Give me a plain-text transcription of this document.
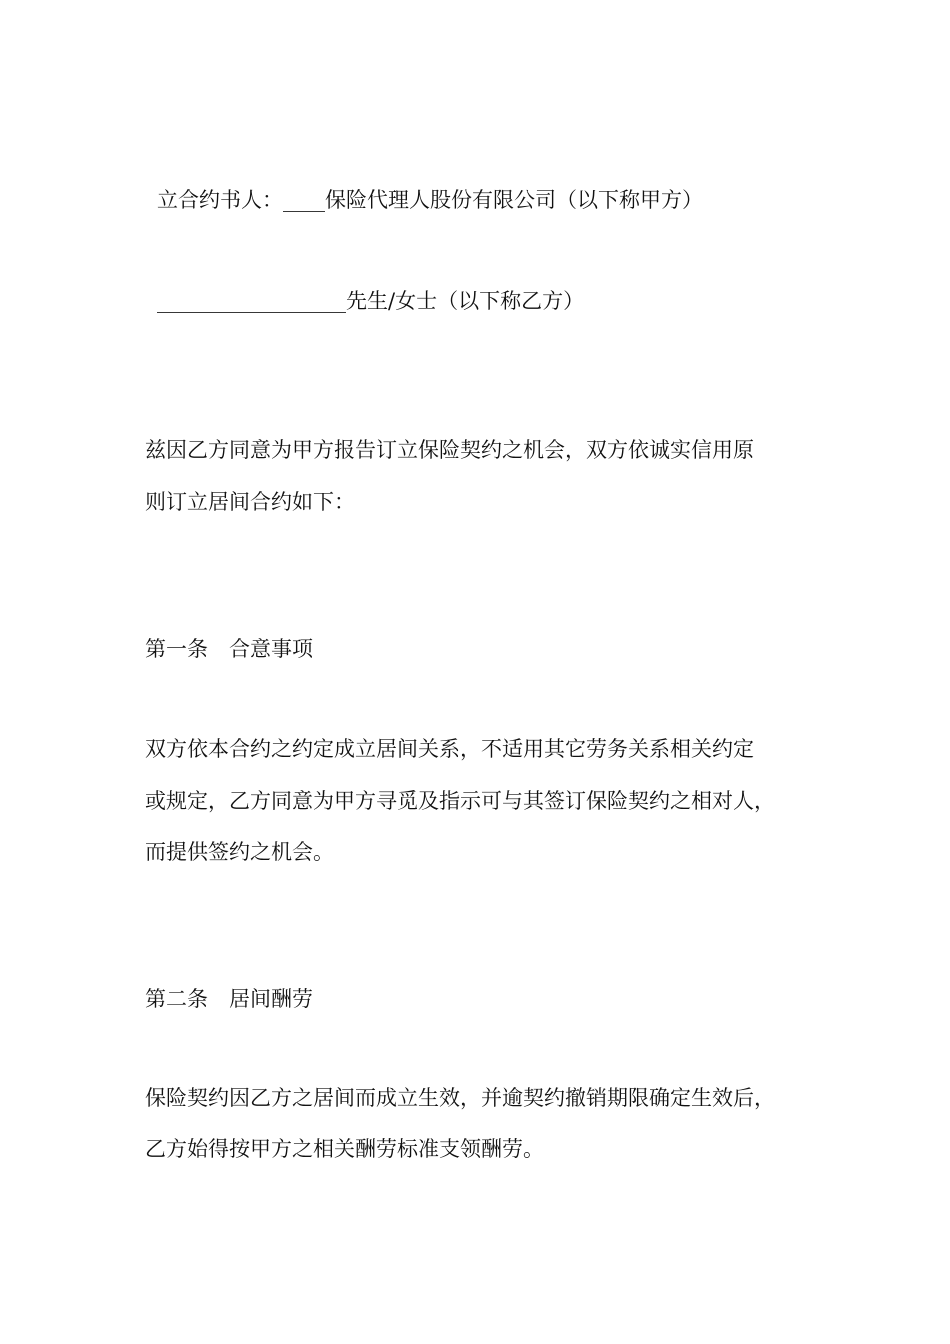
立合约书人：____保险代理人股份有限公司（以下称甲方）
__________________先生/女士（以下称乙方）
兹因乙方同意为甲方报告订立保险契约之机会，双方依诚实信用原
则订立居间合约如下：
第一条　合意事项
双方依本合约之约定成立居间关系，不适用其它劳务关系相关约定
或规定，乙方同意为甲方寻觅及指示可与其签订保险契约之相对人，
而提供签约之机会。
第二条　居间酬劳
保险契约因乙方之居间而成立生效，并逾契约撤销期限确定生效后，
乙方始得按甲方之相关酬劳标准支领酬劳。
